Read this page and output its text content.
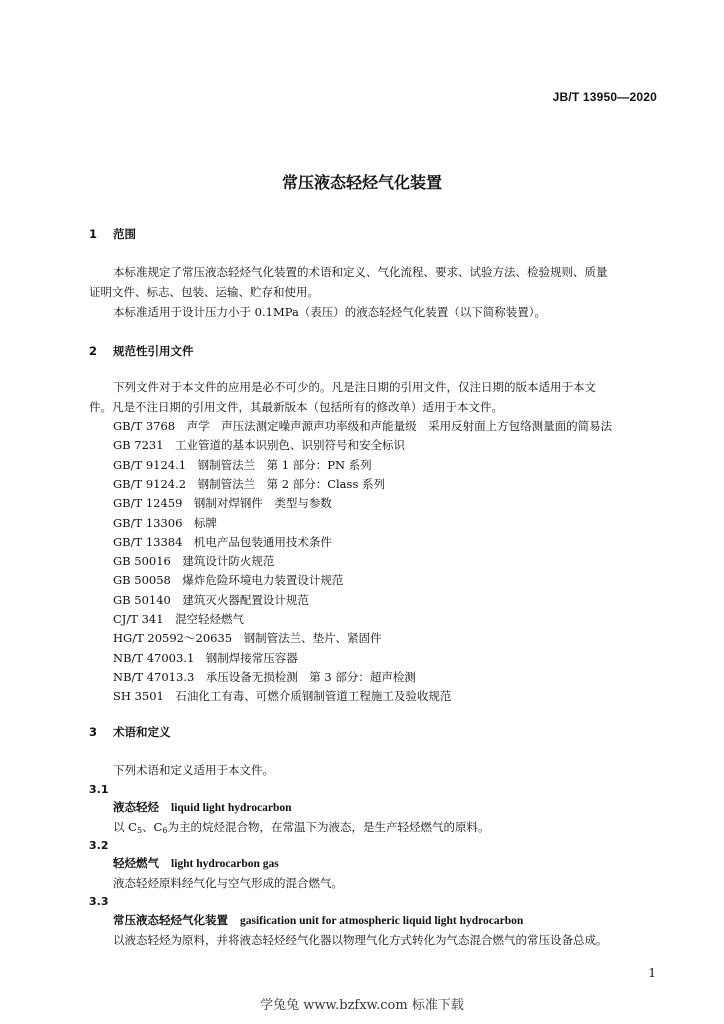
JB/T 13950—2020
常压液态轻烃气化装置
1 范围
本标准规定了常压液态轻烃气化装置的术语和定义、气化流程、要求、试验方法、检验规则、质量
证明文件、标志、包装、运输、贮存和使用。
本标准适用于设计压力小于 0.1MPa（表压）的液态轻烃气化装置（以下简称装置）。
2 规范性引用文件
下列文件对于本文件的应用是必不可少的。凡是注日期的引用文件，仅注日期的版本适用于本文
件。凡是不注日期的引用文件，其最新版本（包括所有的修改单）适用于本文件。
GB/T 3768　 声学　声压法测定噪声源声功率级和声能量级　采用反射面上方包络测量面的简易法
GB 7231　 工业管道的基本识别色、识别符号和安全标识
GB/T 9124.1　 钢制管法兰　第 1 部分：PN 系列
GB/T 9124.2　 钢制管法兰　第 2 部分：Class 系列
GB/T 12459　 钢制对焊钢件　类型与参数
GB/T 13306　 标牌
GB/T 13384　 机电产品包装通用技术条件
GB 50016　 建筑设计防火规范
GB 50058　 爆炸危险环境电力装置设计规范
GB 50140　 建筑灭火器配置设计规范
CJ/T 341　 混空轻烃燃气
HG/T 20592～20635　 钢制管法兰、垫片、紧固件
NB/T 47003.1　 钢制焊接常压容器
NB/T 47013.3　 承压设备无损检测　第 3 部分：超声检测
SH 3501　 石油化工有毒、可燃介质钢制管道工程施工及验收规范
3 术语和定义
下列术语和定义适用于本文件。
3.1
液态轻烃 liquid light hydrocarbon
以 $C_5$、$C_6$为主的烷烃混合物，在常温下为液态，是生产轻烃燃气的原料。
3.2
轻烃燃气 light hydrocarbon gas
液态轻烃原料经气化与空气形成的混合燃气。
3.3
常压液态轻烃气化装置 gasification unit for atmospheric liquid light hydrocarbon
以液态轻烃为原料，并将液态轻烃经气化器以物理气化方式转化为气态混合燃气的常压设备总成。
1
学兔兔 www.bzfxw.com 标准下载
